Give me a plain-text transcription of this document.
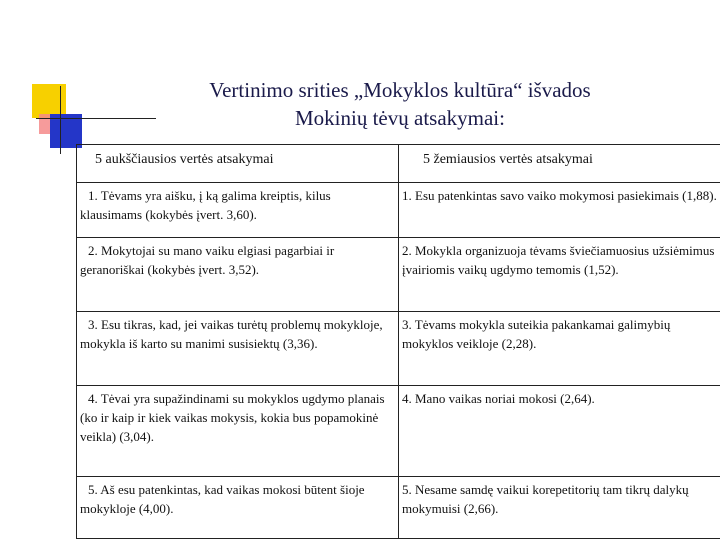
Vertinimo srities „Mokyklos kultūra“ išvados
Mokinių tėvų atsakymai:
5 aukščiausios vertės atsakymai	5 žemiausios vertės atsakymai
1. Tėvams yra aišku, į ką galima kreiptis, kilus klausimams (kokybės įvert. 3,60).	1. Esu patenkintas savo vaiko mokymosi pasiekimais (1,88).
2. Mokytojai su mano vaiku elgiasi pagarbiai ir geranoriškai (kokybės įvert. 3,52).	2. Mokykla organizuoja tėvams šviečiamuosius užsiėmimus įvairiomis vaikų ugdymo temomis (1,52).
3. Esu tikras, kad, jei vaikas turėtų problemų mokykloje, mokykla iš karto su manimi susisiektų (3,36).	3. Tėvams mokykla suteikia pakankamai galimybių mokyklos veikloje (2,28).
4. Tėvai yra supažindinami su mokyklos ugdymo planais (ko ir kaip ir kiek vaikas mokysis, kokia bus popamokinė veikla) (3,04).	4. Mano vaikas noriai mokosi (2,64).
5. Aš esu patenkintas, kad vaikas mokosi būtent šioje mokykloje (4,00).	5. Nesame samdę vaikui korepetitorių tam tikrų dalykų mokymuisi (2,66).
